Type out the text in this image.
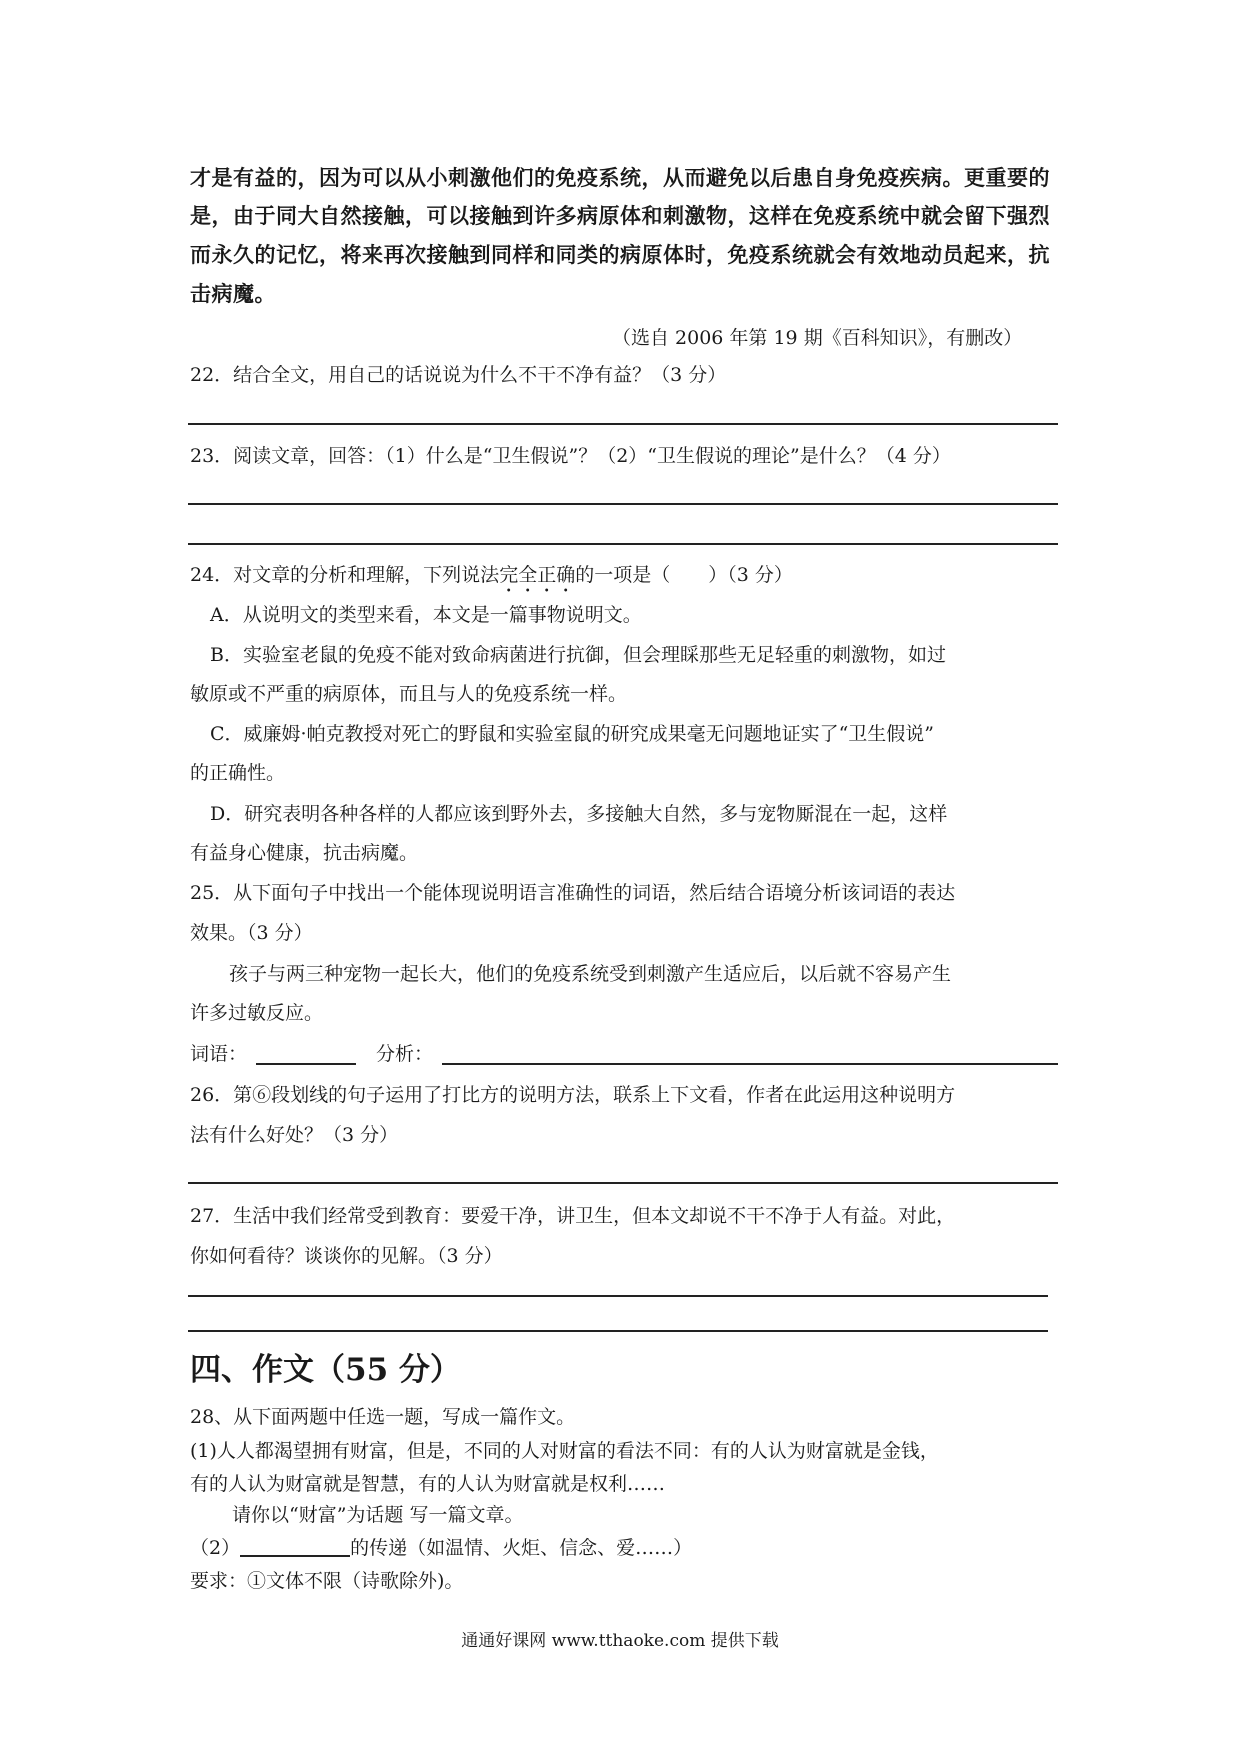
才是有益的，因为可以从小刺激他们的免疫系统，从而避免以后患自身免疫疾病。更重要的
是，由于同大自然接触，可以接触到许多病原体和刺激物，这样在免疫系统中就会留下强烈
而永久的记忆，将来再次接触到同样和同类的病原体时，免疫系统就会有效地动员起来，抗
击病魔。
（选自 2006 年第 19 期《百科知识》，有删改）
22．结合全文，用自己的话说说为什么不干不净有益？（3 分）
23．阅读文章，回答：（1）什么是“卫生假说”？（2）“卫生假说的理论”是什么？（4 分）
24．对文章的分析和理解，下列说法完全正确的一项是（　　）（3 分）
A．从说明文的类型来看，本文是一篇事物说明文。
B．实验室老鼠的免疫不能对致命病菌进行抗御，但会理睬那些无足轻重的刺激物，如过
敏原或不严重的病原体，而且与人的免疫系统一样。
C．威廉姆·帕克教授对死亡的野鼠和实验室鼠的研究成果毫无问题地证实了“卫生假说”
的正确性。
D．研究表明各种各样的人都应该到野外去，多接触大自然，多与宠物厮混在一起，这样
有益身心健康，抗击病魔。
25．从下面句子中找出一个能体现说明语言准确性的词语，然后结合语境分析该词语的表达
效果。（3 分）
孩子与两三种宠物一起长大，他们的免疫系统受到刺激产生适应后，以后就不容易产生
许多过敏反应。
词语：	分析：
26．第⑥段划线的句子运用了打比方的说明方法，联系上下文看，作者在此运用这种说明方
法有什么好处？（3 分）
27．生活中我们经常受到教育：要爱干净，讲卫生，但本文却说不干不净于人有益。对此，
你如何看待？谈谈你的见解。（3 分）
四、作文（55 分）
28、从下面两题中任选一题，写成一篇作文。
(1)人人都渴望拥有财富，但是，不同的人对财富的看法不同：有的人认为财富就是金钱，
有的人认为财富就是智慧，有的人认为财富就是权利……
请你以“财富”为话题 写一篇文章。
（2）	的传递（如温情、火炬、信念、爱……）
要求：①文体不限（诗歌除外)。
通通好课网 www.tthaoke.com 提供下载
